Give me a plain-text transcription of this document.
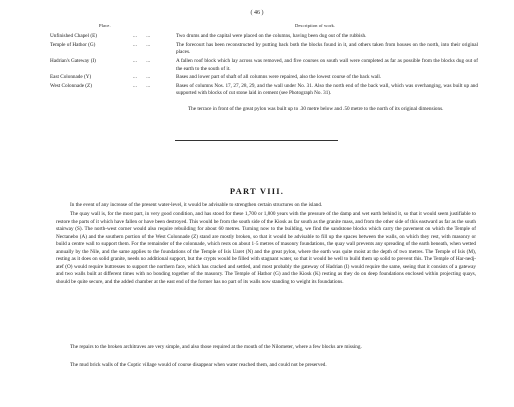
( 46 )
Place.	Description of work.
Unfinished Chapel (E)	... ...	Two drums and the capital were placed on the columns, having been dug out of the rubbish.
Temple of Hathor (G)	... ...	The forecourt has been reconstructed by putting back both the blocks found in it, and others taken from houses on the north, into their original places.
Hadrian's Gateway (I)	... ...	A fallen roof block which lay across was removed, and five courses on south wall were completed as far as possible from the blocks dug out of the earth to the south of it.
East Colonnade (Y)	... ...	Bases and lower part of shaft of all columns were repaired, also the lowest course of the back wall.
West Colonnade (Z)	... ...	Bases of columns Nos. 17, 27, 28, 29, and the wall under No. 31. Also the north end of the back wall, which was overhanging, was built up and supported with blocks of cut stone laid in cement (see Photograph No. 31).
The terrace in front of the great pylon was built up to .30 metre below and .50 metre to the north of its original dimensions.
PART VIII.

In the event of any increase of the present water-level, it would be advisable to strengthen certain structures on the island.

The quay wall is, for the most part, in very good condition, and has stood for these 1,700 or 1,800 years with the pressure of the damp and wet earth behind it, so that it would seem justifiable to restore the parts of it which have fallen or have been destroyed. This would be from the south side of the Kiosk as far south as the granite mass, and from the other side of this eastward as far as the south stairway (S). The north-west corner would also require rebuilding for about 60 metres. Turning now to the building, we find the sandstone blocks which carry the pavement on which the Temple of Nectanebo (A) and the southern portion of the West Colonnade (Z) stand are mostly broken, so that it would be advisable to fill up the spaces between the walls, on which they rest, with masonry or build a centre wall to support them. For the remainder of the colonnade, which rests on about 1·5 metres of masonry foundations, the quay wall prevents any spreading of the earth beneath, when wetted annually by the Nile, and the same applies to the foundations of the Temple of Isis Uaret (N) and the great pylon, where the earth was quite moist at the depth of two metres. The Temple of Isis (M), resting as it does on solid granite, needs no additional support, but the crypts would be filled with stagnant water, so that it would be well to build them up solid to prevent this. The Temple of Har-nedj-atef (O) would require buttresses to support the northern face, which has cracked and settled, and most probably the gateway of Hadrian (I) would require the same, seeing that it consists of a gateway and two walls built at different times with no bonding together of the masonry. The Temple of Hathor (G) and the Kiosk (K) resting as they do on deep foundations enclosed within projecting quays, should be quite secure, and the added chamber at the east end of the former has no part of its walls now standing to weight its foundations.

The repairs to the broken architraves are very simple, and also those required at the mouth of the Nilometer, where a few blocks are missing.

The mud brick walls of the Coptic village would of course disappear when water reached them, and could not be preserved.
